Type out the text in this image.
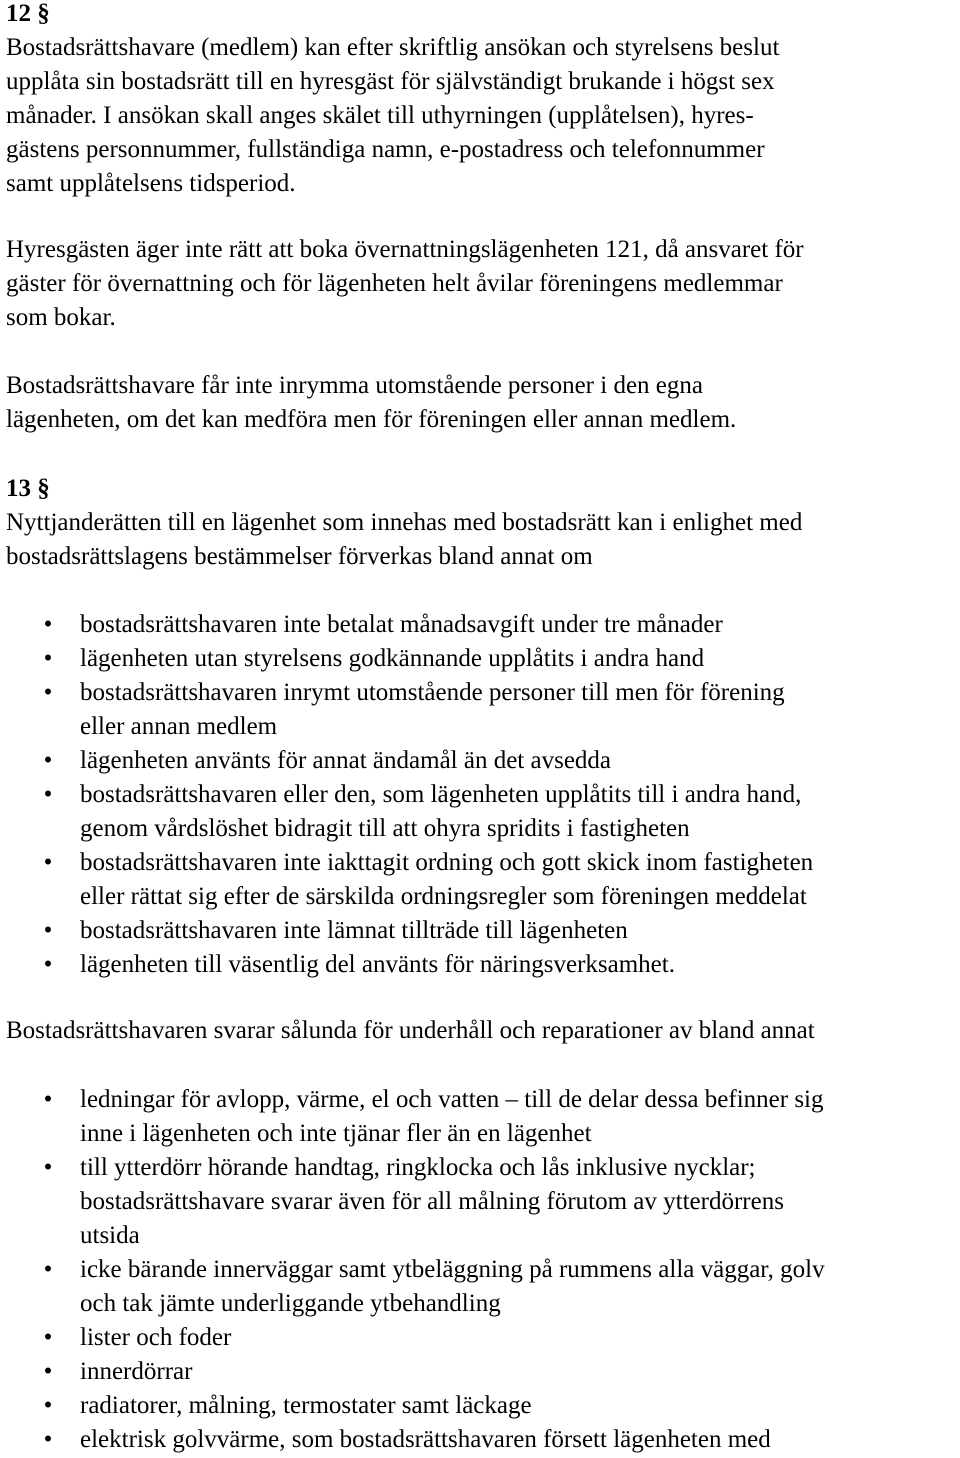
12 §
Bostadsrättshavare (medlem) kan efter skriftlig ansökan och styrelsens beslut
upplåta sin bostadsrätt till en hyresgäst för självständigt brukande i högst sex
månader. I ansökan skall anges skälet till uthyrningen (upplåtelsen), hyres-
gästens personnummer, fullständiga namn, e-postadress och telefonnummer
samt upplåtelsens tidsperiod.
Hyresgästen äger inte rätt att boka övernattningslägenheten 121, då ansvaret för
gäster för övernattning och för lägenheten helt åvilar föreningens medlemmar
som bokar.
Bostadsrättshavare får inte inrymma utomstående personer i den egna
lägenheten, om det kan medföra men för föreningen eller annan medlem.
13 §
Nyttjanderätten till en lägenhet som innehas med bostadsrätt kan i enlighet med
bostadsrättslagens bestämmelser förverkas bland annat om
• bostadsrättshavaren inte betalat månadsavgift under tre månader
• lägenheten utan styrelsens godkännande upplåtits i andra hand
• bostadsrättshavaren inrymt utomstående personer till men för förening
eller annan medlem
• lägenheten använts för annat ändamål än det avsedda
• bostadsrättshavaren eller den, som lägenheten upplåtits till i andra hand,
genom vårdslöshet bidragit till att ohyra spridits i fastigheten
• bostadsrättshavaren inte iakttagit ordning och gott skick inom fastigheten
eller rättat sig efter de särskilda ordningsregler som föreningen meddelat
• bostadsrättshavaren inte lämnat tillträde till lägenheten
• lägenheten till väsentlig del använts för näringsverksamhet.
Bostadsrättshavaren svarar sålunda för underhåll och reparationer av bland annat
• ledningar för avlopp, värme, el och vatten – till de delar dessa befinner sig
inne i lägenheten och inte tjänar fler än en lägenhet
• till ytterdörr hörande handtag, ringklocka och lås inklusive nycklar;
bostadsrättshavare svarar även för all målning förutom av ytterdörrens
utsida
• icke bärande innerväggar samt ytbeläggning på rummens alla väggar, golv
och tak jämte underliggande ytbehandling
• lister och foder
• innerdörrar
• radiatorer, målning, termostater samt läckage
• elektrisk golvvärme, som bostadsrättshavaren försett lägenheten med
